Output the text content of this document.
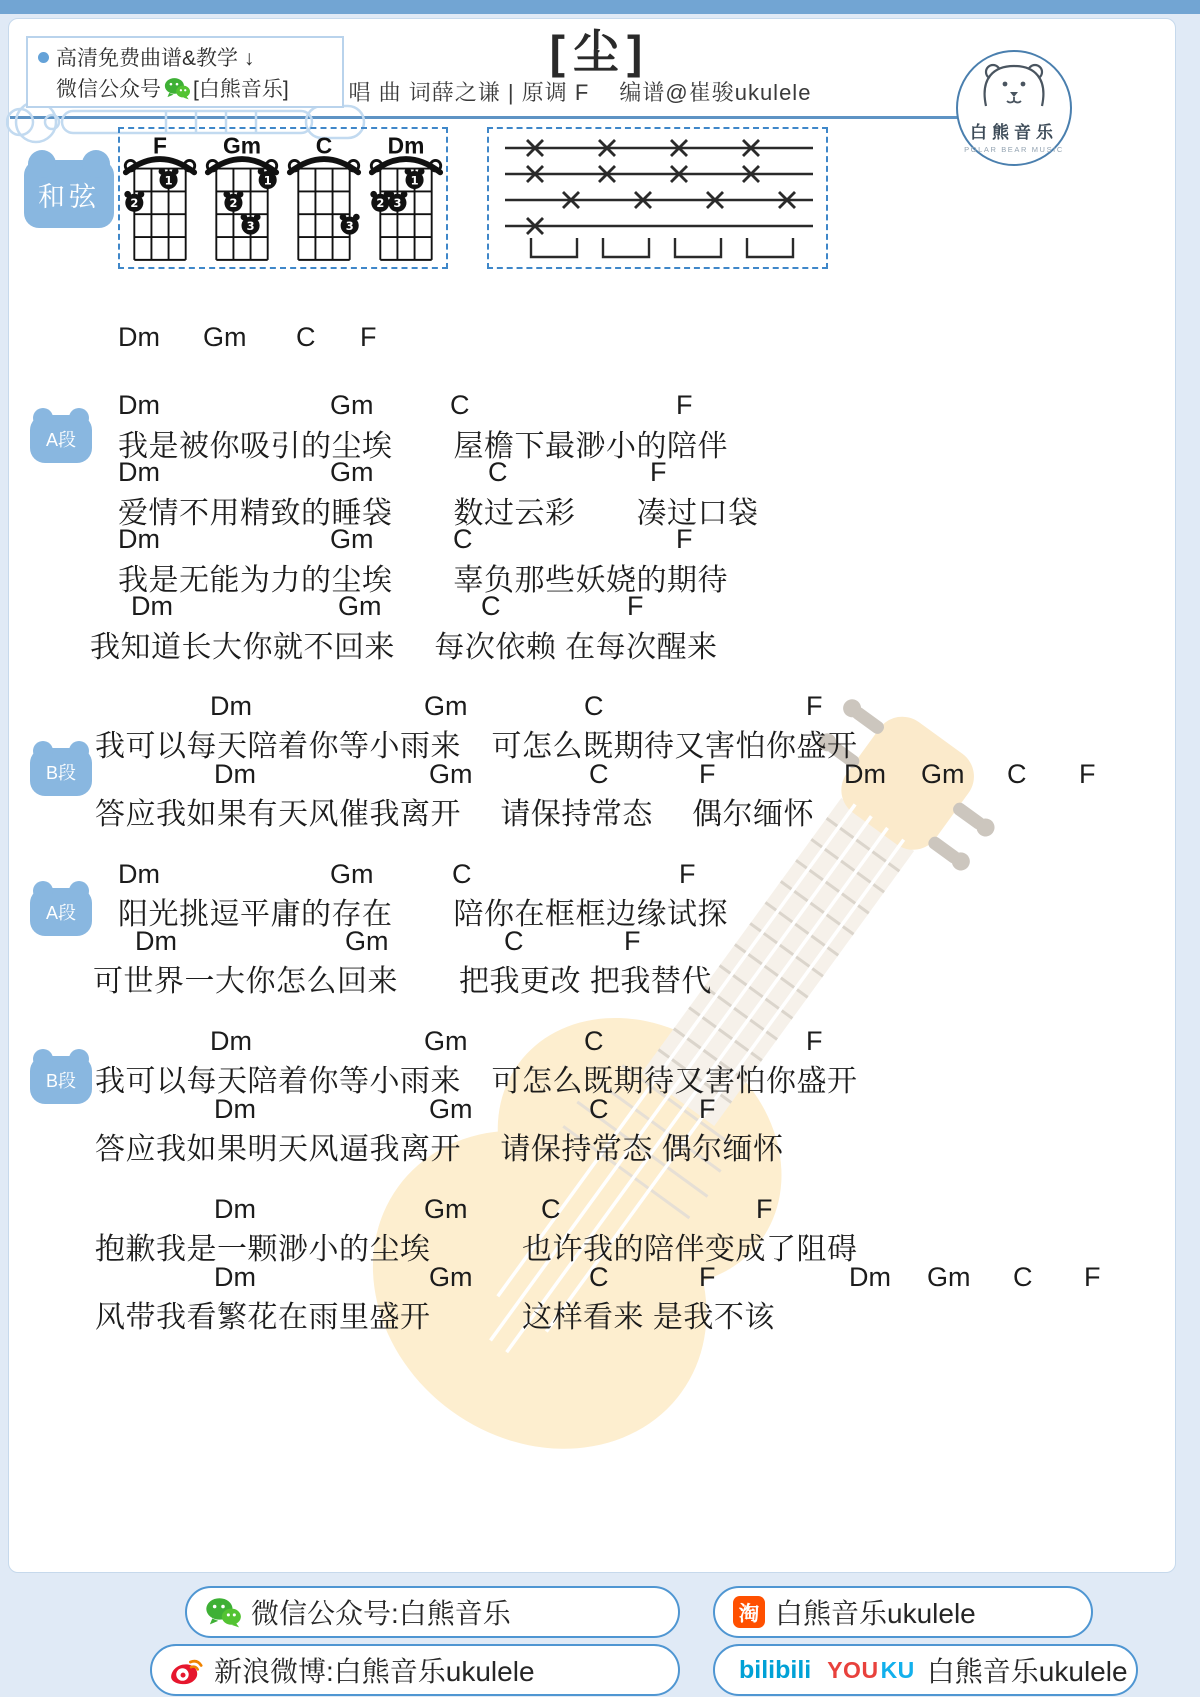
高清免费曲谱&教学 ↓
微信公众号 [白熊音乐]
[尘]
唱 曲 词薛之谦 | 原调 F　 编谱@崔骏ukulele
白熊音乐
POLAR BEAR MUSIC
和弦
F
1
2
Gm
1
2
3
C
3
Dm
1
2 3
Dm Gm C F
A段
Dm	Gm	C	F
我是被你吸引的尘埃　　屋檐下最渺小的陪伴
Dm	Gm	C	F
爱情不用精致的睡袋　　数过云彩　　凑过口袋
Dm	Gm	C	F
我是无能为力的尘埃　　辜负那些妖娆的期待
Dm	Gm	C	F
我知道长大你就不回来　 每次依赖 在每次醒来
B段
Dm	Gm	C	F
我可以每天陪着你等小雨来　可怎么既期待又害怕你盛开
Dm	Gm	C	F	Dm Gm C F
答应我如果有天风催我离开　 请保持常态　 偶尔缅怀
A段
Dm	Gm	C	F
阳光挑逗平庸的存在　　陪你在框框边缘试探
Dm	Gm	C	F
可世界一大你怎么回来　　把我更改 把我替代
B段
Dm	Gm	C	F
我可以每天陪着你等小雨来　可怎么既期待又害怕你盛开
Dm	Gm	C	F
答应我如果明天风逼我离开　 请保持常态 偶尔缅怀
Dm	Gm	C	F
抱歉我是一颗渺小的尘埃　　　也许我的陪伴变成了阻碍
Dm	Gm	C	F	Dm Gm C F
风带我看繁花在雨里盛开　　　这样看来 是我不该
微信公众号:白熊音乐	淘 白熊音乐ukulele
新浪微博:白熊音乐ukulele	bilibili YOU KU 白熊音乐ukulele
